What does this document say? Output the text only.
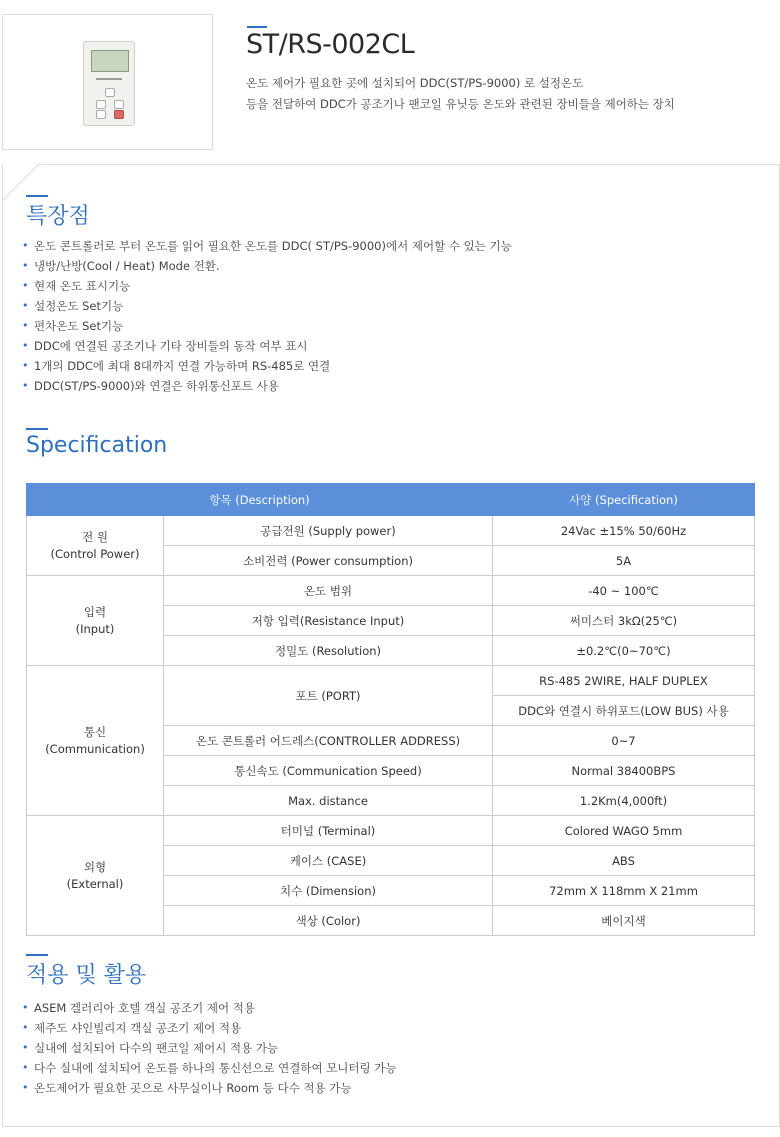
ST/RS-002CL
온도 제어가 필요한 곳에 설치되어 DDC(ST/PS-9000) 로 설정온도
등을 전달하여 DDC가 공조기나 팬코일 유닛등 온도와 관련된 장비들을 제어하는 장치
특장점
• 온도 콘트롤러로 부터 온도를 읽어 필요한 온도를 DDC( ST/PS-9000)에서 제어할 수 있는 기능
• 냉방/난방(Cool / Heat) Mode 전환.
• 현재 온도 표시기능
• 설정온도 Set기능
• 편차온도 Set기능
• DDC에 연결된 공조기나 기타 장비들의 동작 여부 표시
• 1개의 DDC에 최대 8대까지 연결 가능하며 RS-485로 연결
• DDC(ST/PS-9000)와 연결은 하위통신포트 사용
Specification
항목 (Description)		사양 (Specification)

전 원
(Control Power)	공급전원 (Supply power)	24Vac ±15% 50/60Hz
	소비전력 (Power consumption)	5A

입력
(Input)	온도 범위	-40 ~ 100℃
	저항 입력(Resistance Input)	써미스터 3kΩ(25℃)
	정밀도 (Resolution)	±0.2℃(0~70℃)

통신
(Communication)	포트 (PORT)	RS-485 2WIRE, HALF DUPLEX
		DDC와 연결시 하위포드(LOW BUS) 사용
	온도 콘트롤러 어드레스(CONTROLLER ADDRESS)	0~7
	통신속도 (Communication Speed)	Normal 38400BPS
	Max. distance	1.2Km(4,000ft)

외형
(External)	터미널 (Terminal)	Colored WAGO 5mm
	케이스 (CASE)	ABS
	치수 (Dimension)	72mm X 118mm X 21mm
	색상 (Color)	베이지색
적용 및 활용
• ASEM 겔러리아 호텔 객실 공조기 제어 적용
• 제주도 샤인빌리지 객실 공조기 제어 적용
• 실내에 설치되어 다수의 팬코일 제어시 적용 가능
• 다수 실내에 설치되어 온도를 하나의 통신선으로 연결하여 모니터링 가능
• 온도제어가 필요한 곳으로 사무실이나 Room 등 다수 적용 가능
